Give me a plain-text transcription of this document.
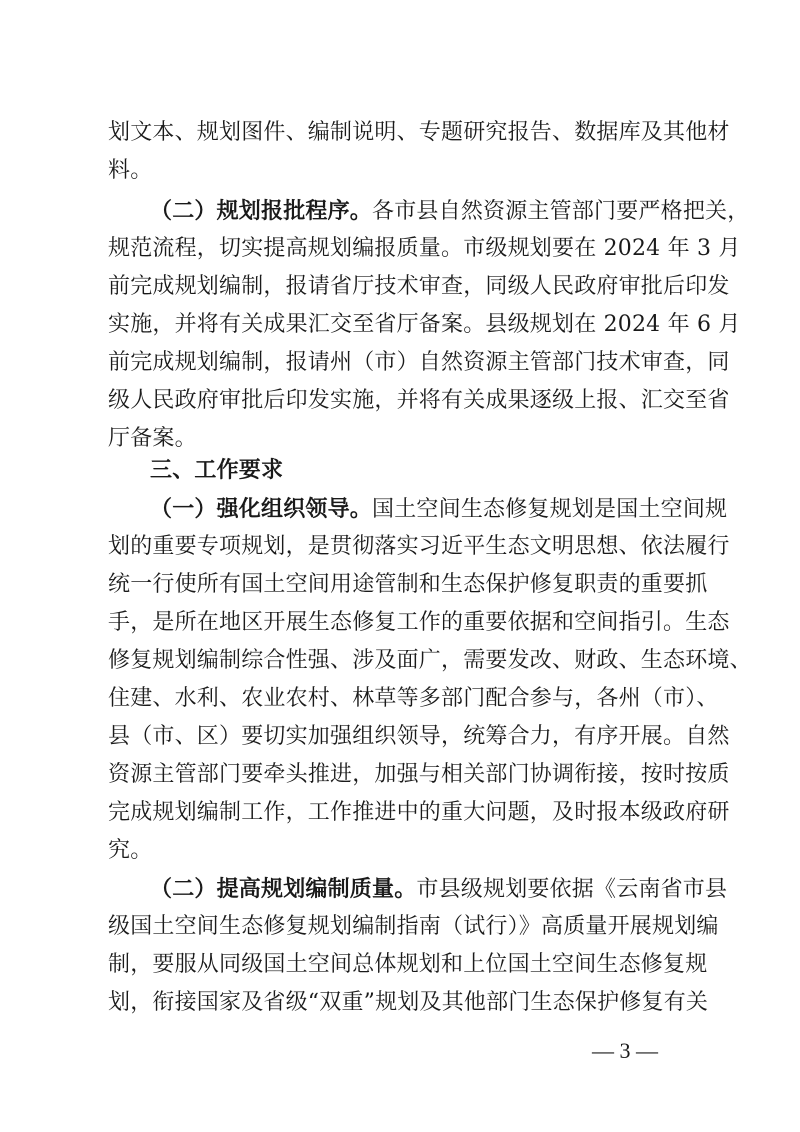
划文本、规划图件、编制说明、专题研究报告、数据库及其他材
料。
（二）规划报批程序。各市县自然资源主管部门要严格把关，
规范流程，切实提高规划编报质量。市级规划要在 2024 年 3 月
前完成规划编制，报请省厅技术审查，同级人民政府审批后印发
实施，并将有关成果汇交至省厅备案。县级规划在 2024 年 6 月
前完成规划编制，报请州（市）自然资源主管部门技术审查，同
级人民政府审批后印发实施，并将有关成果逐级上报、汇交至省
厅备案。
三、工作要求
（一）强化组织领导。国土空间生态修复规划是国土空间规
划的重要专项规划，是贯彻落实习近平生态文明思想、依法履行
统一行使所有国土空间用途管制和生态保护修复职责的重要抓
手，是所在地区开展生态修复工作的重要依据和空间指引。生态
修复规划编制综合性强、涉及面广，需要发改、财政、生态环境、
住建、水利、农业农村、林草等多部门配合参与，各州（市）、
县（市、区）要切实加强组织领导，统筹合力，有序开展。自然
资源主管部门要牵头推进，加强与相关部门协调衔接，按时按质
完成规划编制工作，工作推进中的重大问题，及时报本级政府研
究。
（二）提高规划编制质量。市县级规划要依据《云南省市县
级国土空间生态修复规划编制指南（试行）》高质量开展规划编
制，要服从同级国土空间总体规划和上位国土空间生态修复规
划，衔接国家及省级“双重”规划及其他部门生态保护修复有关
— 3 —
